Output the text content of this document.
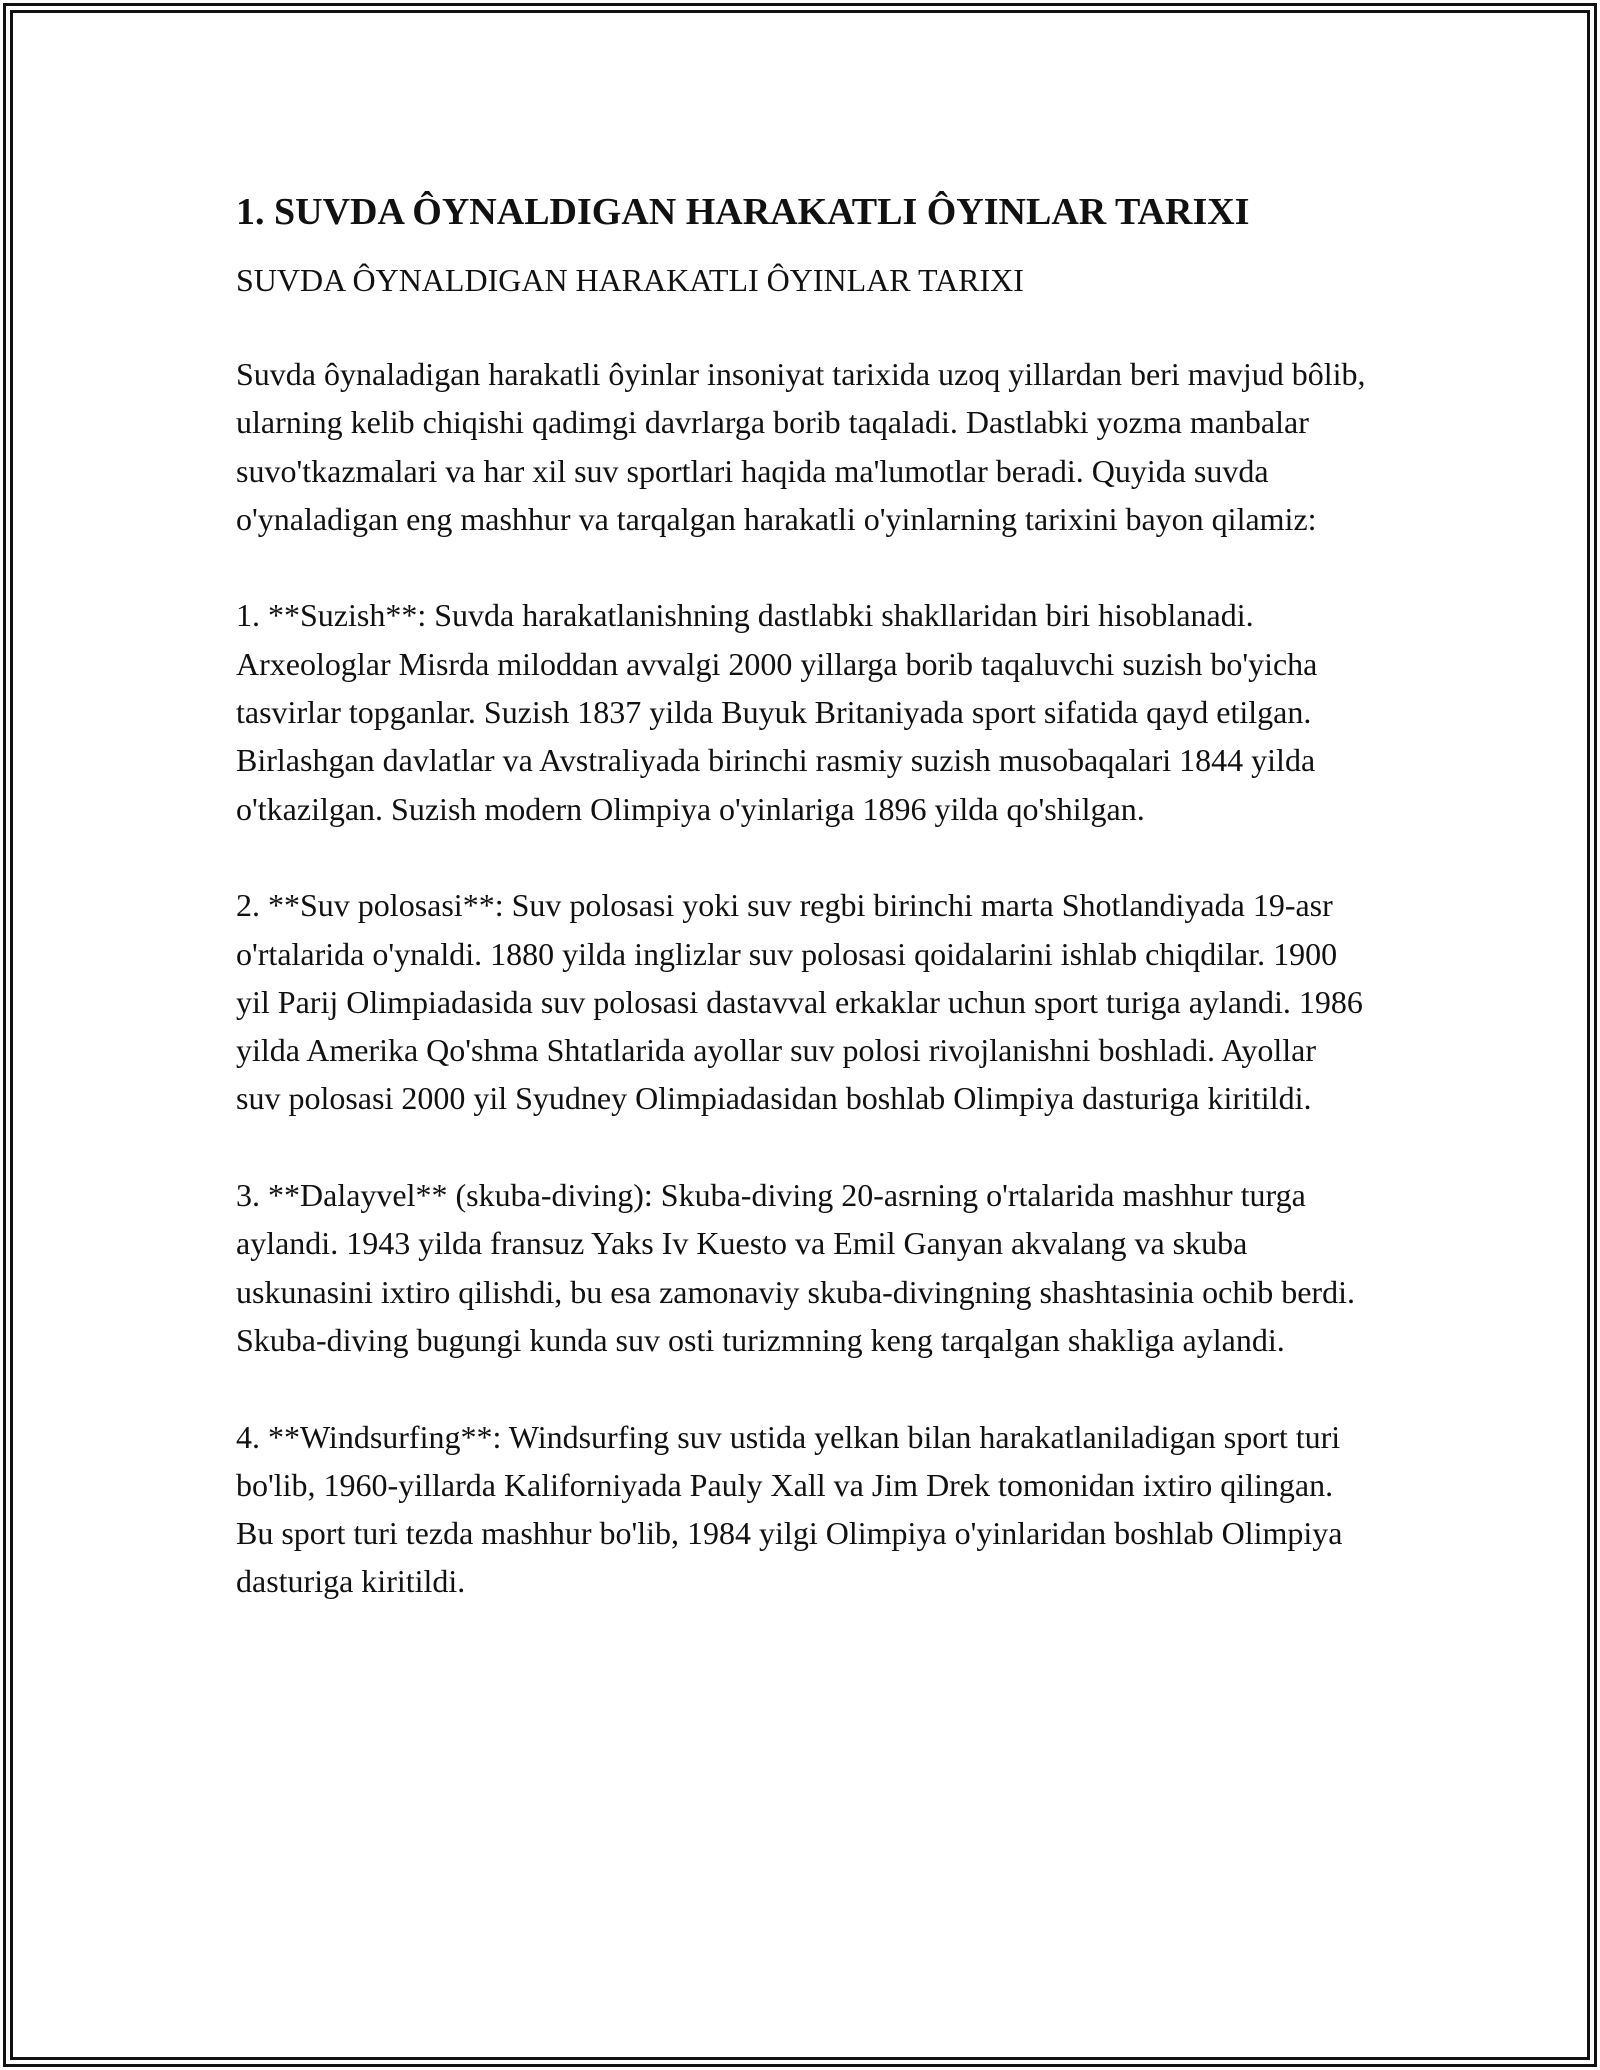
1. SUVDA ÔYNALDIGAN HARAKATLI ÔYINLAR TARIXI
SUVDA ÔYNALDIGAN HARAKATLI ÔYINLAR TARIXI

Suvda ôynaladigan harakatli ôyinlar insoniyat tarixida uzoq yillardan beri mavjud bôlib, ularning kelib chiqishi qadimgi davrlarga borib taqaladi. Dastlabki yozma manbalar suvo'tkazmalari va har xil suv sportlari haqida ma'lumotlar beradi. Quyida suvda o'ynaladigan eng mashhur va tarqalgan harakatli o'yinlarning tarixini bayon qilamiz:

1. **Suzish**: Suvda harakatlanishning dastlabki shakllaridan biri hisoblanadi. Arxeologlar Misrda miloddan avvalgi 2000 yillarga borib taqaluvchi suzish bo'yicha tasvirlar topganlar. Suzish 1837 yilda Buyuk Britaniyada sport sifatida qayd etilgan. Birlashgan davlatlar va Avstraliyada birinchi rasmiy suzish musobaqalari 1844 yilda o'tkazilgan. Suzish modern Olimpiya o'yinlariga 1896 yilda qo'shilgan.

2. **Suv polosasi**: Suv polosasi yoki suv regbi birinchi marta Shotlandiyada 19-asr o'rtalarida o'ynaldi. 1880 yilda inglizlar suv polosasi qoidalarini ishlab chiqdilar. 1900 yil Parij Olimpiadasida suv polosasi dastavval erkaklar uchun sport turiga aylandi. 1986 yilda Amerika Qo'shma Shtatlarida ayollar suv polosi rivojlanishni boshladi. Ayollar suv polosasi 2000 yil Syudney Olimpiadasidan boshlab Olimpiya dasturiga kiritildi.

3. **Dalayvel** (skuba-diving): Skuba-diving 20-asrning o'rtalarida mashhur turga aylandi. 1943 yilda fransuz Yaks Iv Kuesto va Emil Ganyan akvalang va skuba uskunasini ixtiro qilishdi, bu esa zamonaviy skuba-divingning shashtasinia ochib berdi. Skuba-diving bugungi kunda suv osti turizmning keng tarqalgan shakliga aylandi.

4. **Windsurfing**: Windsurfing suv ustida yelkan bilan harakatlaniladigan sport turi bo'lib, 1960-yillarda Kaliforniyada Pauly Xall va Jim Drek tomonidan ixtiro qilingan. Bu sport turi tezda mashhur bo'lib, 1984 yilgi Olimpiya o'yinlaridan boshlab Olimpiya dasturiga kiritildi.
